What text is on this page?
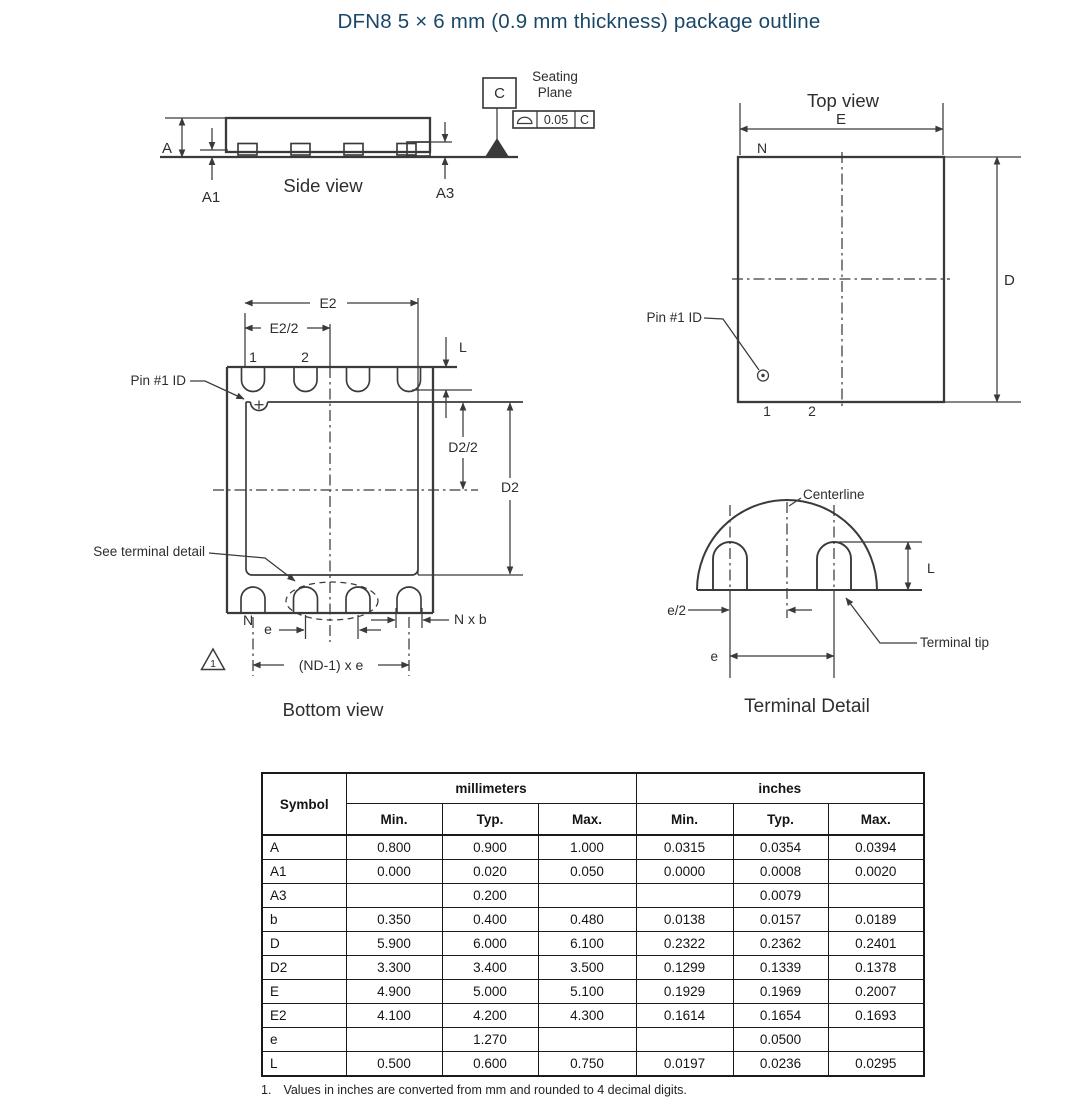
DFN8 5 × 6 mm (0.9 mm thickness) package outline
A
A1	A3
C
Seating
Plane
0.05 C
Side view
Top view
E
D
N
Pin #1 ID
1	2
E2
E2/2
1	2
Pin #1 ID
See terminal detail
L
D2/2
D2
N
e
N x b
(ND-1) x e
1
Bottom view
Centerline
L
e/2
e
Terminal tip
Terminal Detail
Symbol	millimeters			inches		
	Min.	Typ.	Max.	Min.	Typ.	Max.
A	0.800	0.900	1.000	0.0315	0.0354	0.0394
A1	0.000	0.020	0.050	0.0000	0.0008	0.0020
A3		0.200			0.0079	
b	0.350	0.400	0.480	0.0138	0.0157	0.0189
D	5.900	6.000	6.100	0.2322	0.2362	0.2401
D2	3.300	3.400	3.500	0.1299	0.1339	0.1378
E	4.900	5.000	5.100	0.1929	0.1969	0.2007
E2	4.100	4.200	4.300	0.1614	0.1654	0.1693
e		1.270			0.0500	
L	0.500	0.600	0.750	0.0197	0.0236	0.0295
1. Values in inches are converted from mm and rounded to 4 decimal digits.
